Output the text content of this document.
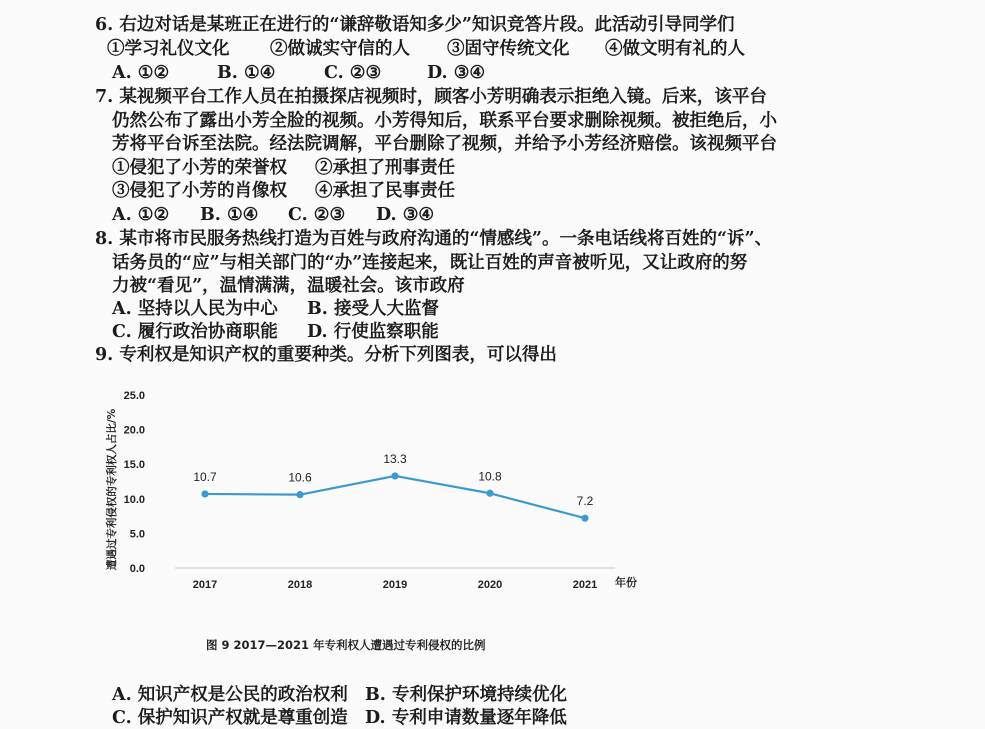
6. 右边对话是某班正在进行的“谦辞敬语知多少”知识竞答片段。此活动引导同学们
①学习礼仪文化 ②做诚实守信的人 ③固守传统文化 ④做文明有礼的人
A. ①②	B. ①④	C. ②③	D. ③④
7. 某视频平台工作人员在拍摄探店视频时，顾客小芳明确表示拒绝入镜。后来，该平台
仍然公布了露出小芳全脸的视频。小芳得知后，联系平台要求删除视频。被拒绝后，小
芳将平台诉至法院。经法院调解，平台删除了视频，并给予小芳经济赔偿。该视频平台
①侵犯了小芳的荣誉权 ②承担了刑事责任
③侵犯了小芳的肖像权 ④承担了民事责任
A. ①② B. ①④ C. ②③ D. ③④
8. 某市将市民服务热线打造为百姓与政府沟通的“情感线”。一条电话线将百姓的“诉”、
话务员的“应”与相关部门的“办”连接起来，既让百姓的声音被听见，又让政府的努
力被“看见”，温情满满，温暖社会。该市政府
A. 坚持以人民为中心 B. 接受人大监督
C. 履行政治协商职能 D. 行使监察职能
9. 专利权是知识产权的重要种类。分析下列图表，可以得出
遭遇过专利侵权的专利权人占比/%
25.0
20.0
15.0
10.0
5.0
0.0
2017	2018	2019	2020	2021 年份
10.7	10.6
13.3
10.8
7.2
图 9 2017—2021 年专利权人遭遇过专利侵权的比例
A. 知识产权是公民的政治权利 B. 专利保护环境持续优化
C. 保护知识产权就是尊重创造 D. 专利申请数量逐年降低
